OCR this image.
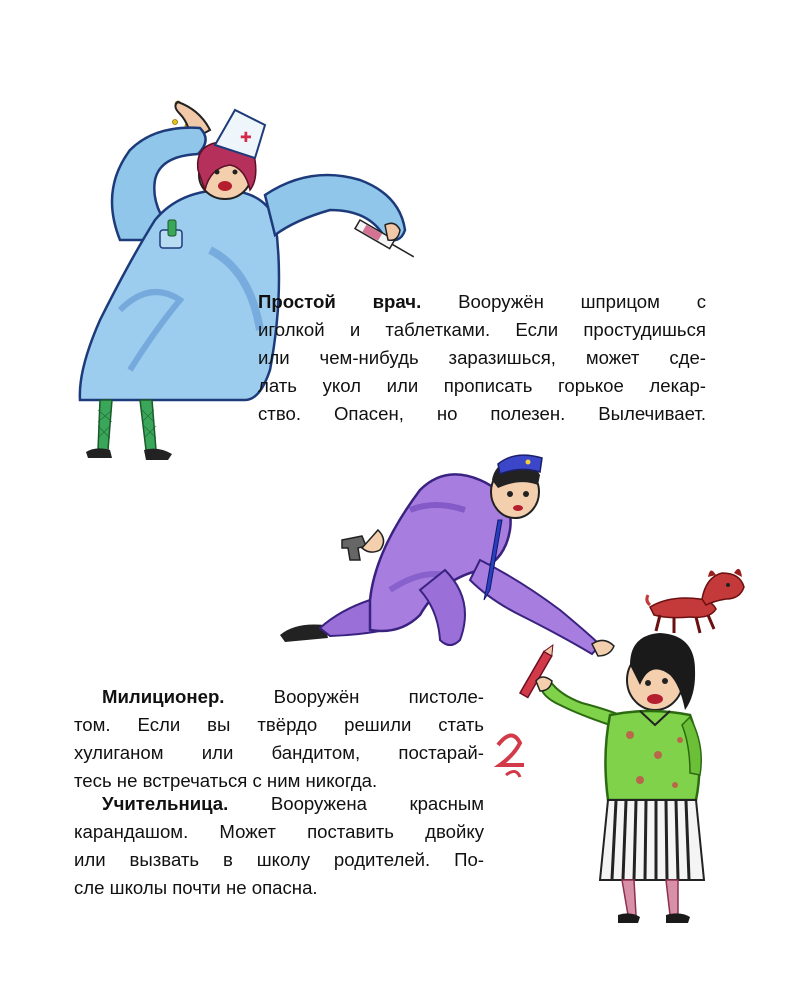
✚

Простой врач. Вооружён шприцом с
иголкой и таблетками. Если простудишься
или чем-нибудь заразишься, может сде-
лать укол или прописать горькое лекар-
ство. Опасен, но полезен. Вылечивает.

Милиционер. Вооружён пистоле-
том. Если вы твёрдо решили стать
хулиганом или бандитом, постарай-
тесь не встречаться с ним никогда.

Учительница. Вооружена красным
карандашом. Может поставить двойку
или вызвать в школу родителей. По-
сле школы почти не опасна.
